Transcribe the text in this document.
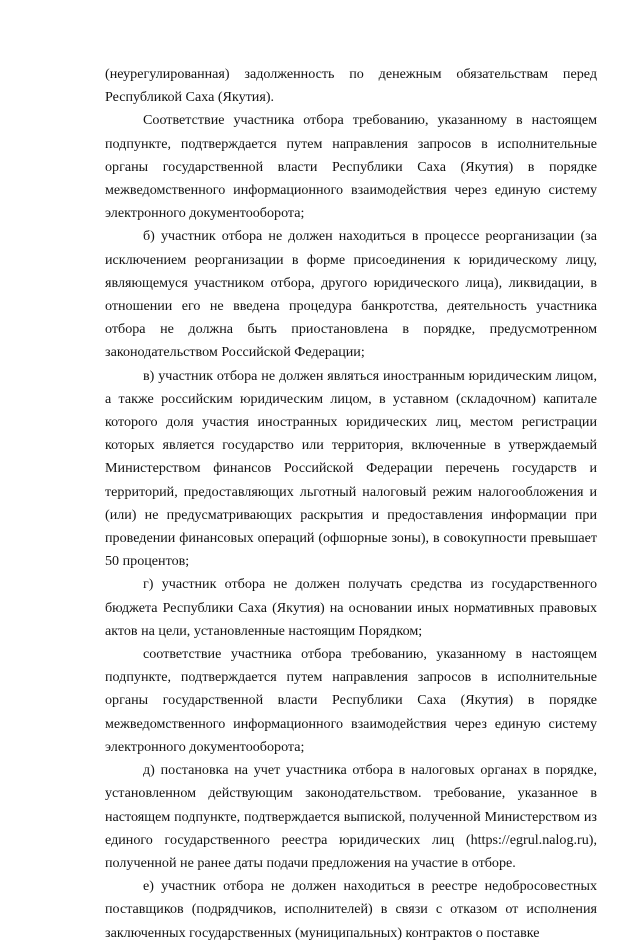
(неурегулированная) задолженность по денежным обязательствам перед Республикой Саха (Якутия).

Соответствие участника отбора требованию, указанному в настоящем подпункте, подтверждается путем направления запросов в исполнительные органы государственной власти Республики Саха (Якутия) в порядке межведомственного информационного взаимодействия через единую систему электронного документооборота;

б) участник отбора не должен находиться в процессе реорганизации (за исключением реорганизации в форме присоединения к юридическому лицу, являющемуся участником отбора, другого юридического лица), ликвидации, в отношении его не введена процедура банкротства, деятельность участника отбора не должна быть приостановлена в порядке, предусмотренном законодательством Российской Федерации;

в) участник отбора не должен являться иностранным юридическим лицом, а также российским юридическим лицом, в уставном (складочном) капитале которого доля участия иностранных юридических лиц, местом регистрации которых является государство или территория, включенные в утверждаемый Министерством финансов Российской Федерации перечень государств и территорий, предоставляющих льготный налоговый режим налогообложения и (или) не предусматривающих раскрытия и предоставления информации при проведении финансовых операций (офшорные зоны), в совокупности превышает 50 процентов;

г) участник отбора не должен получать средства из государственного бюджета Республики Саха (Якутия) на основании иных нормативных правовых актов на цели, установленные настоящим Порядком;

соответствие участника отбора требованию, указанному в настоящем подпункте, подтверждается путем направления запросов в исполнительные органы государственной власти Республики Саха (Якутия) в порядке межведомственного информационного взаимодействия через единую систему электронного документооборота;

д) постановка на учет участника отбора в налоговых органах в порядке, установленном действующим законодательством. требование, указанное в настоящем подпункте, подтверждается выпиской, полученной Министерством из единого государственного реестра юридических лиц (https://egrul.nalog.ru), полученной не ранее даты подачи предложения на участие в отборе.

е) участник отбора не должен находиться в реестре недобросовестных поставщиков (подрядчиков, исполнителей) в связи с отказом от исполнения заключенных государственных (муниципальных) контрактов о поставке
